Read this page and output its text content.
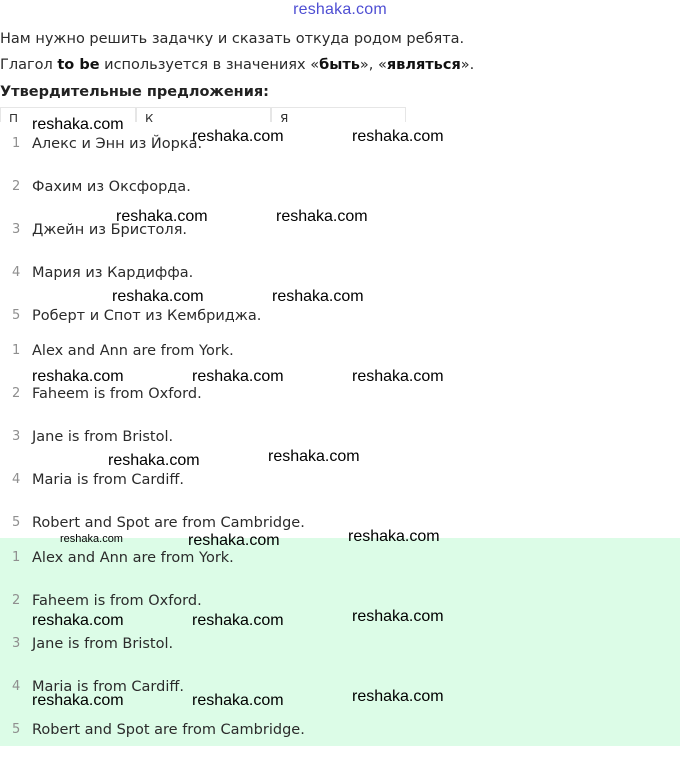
reshaka.com

Нам нужно решить задачку и сказать откуда родом ребята.

Глагол to be используется в значениях «быть», «являться».

Утвердительные предложения:
П	К	Я
1 Алекс и Энн из Йорка.
2 Фахим из Оксфорда.
3 Джейн из Бристоля.
4 Мария из Кардиффа.
5 Роберт и Спот из Кембриджа.
1 Alex and Ann are from York.
2 Faheem is from Oxford.
3 Jane is from Bristol.
4 Maria is from Cardiff.
5 Robert and Spot are from Cambridge.
1 Alex and Ann are from York.
2 Faheem is from Oxford.
3 Jane is from Bristol.
4 Maria is from Cardiff.
5 Robert and Spot are from Cambridge.
reshaka.com
reshaka.com	reshaka.com
reshaka.com	reshaka.com
reshaka.com	reshaka.com
reshaka.com	reshaka.com	reshaka.com
reshaka.com	reshaka.com
reshaka.com	reshaka.com	reshaka.com
reshaka.com	reshaka.com	reshaka.com
reshaka.com	reshaka.com	reshaka.com
